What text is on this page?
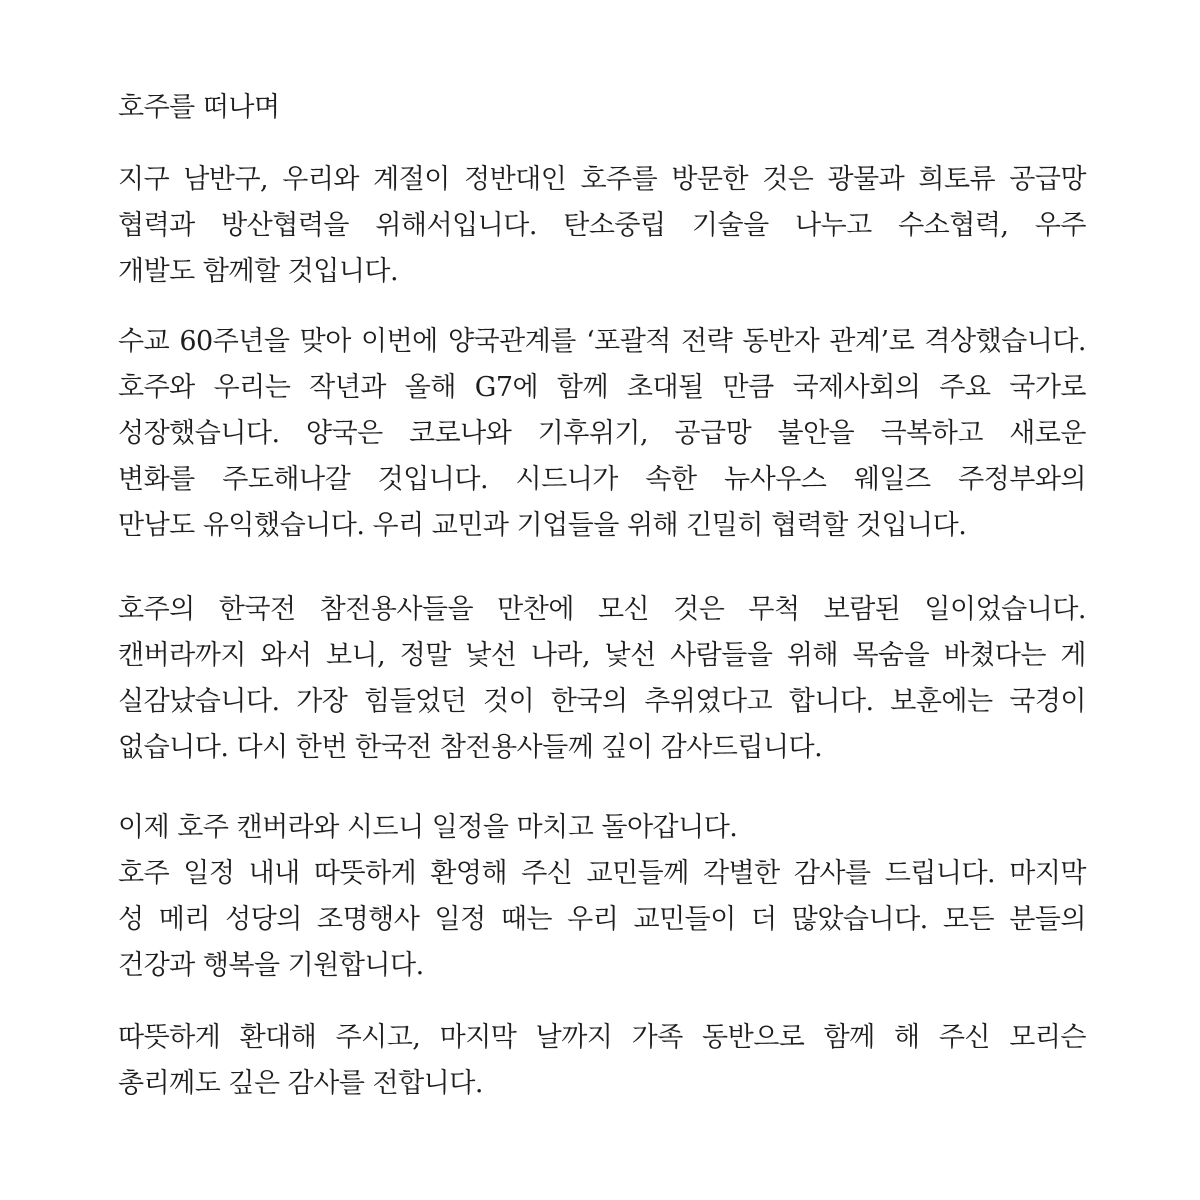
호주를 떠나며

지구 남반구, 우리와 계절이 정반대인 호주를 방문한 것은 광물과 희토류 공급망

협력과 방산협력을 위해서입니다. 탄소중립 기술을 나누고 수소협력, 우주

개발도 함께할 것입니다.

수교 60주년을 맞아 이번에 양국관계를 ‘포괄적 전략 동반자 관계’로 격상했습니다.

호주와 우리는 작년과 올해 G7에 함께 초대될 만큼 국제사회의 주요 국가로

성장했습니다. 양국은 코로나와 기후위기, 공급망 불안을 극복하고 새로운

변화를 주도해나갈 것입니다. 시드니가 속한 뉴사우스 웨일즈 주정부와의

만남도 유익했습니다. 우리 교민과 기업들을 위해 긴밀히 협력할 것입니다.

호주의 한국전 참전용사들을 만찬에 모신 것은 무척 보람된 일이었습니다.

캔버라까지 와서 보니, 정말 낯선 나라, 낯선 사람들을 위해 목숨을 바쳤다는 게

실감났습니다. 가장 힘들었던 것이 한국의 추위였다고 합니다. 보훈에는 국경이

없습니다. 다시 한번 한국전 참전용사들께 깊이 감사드립니다.

이제 호주 캔버라와 시드니 일정을 마치고 돌아갑니다.

호주 일정 내내 따뜻하게 환영해 주신 교민들께 각별한 감사를 드립니다. 마지막

성 메리 성당의 조명행사 일정 때는 우리 교민들이 더 많았습니다. 모든 분들의

건강과 행복을 기원합니다.

따뜻하게 환대해 주시고, 마지막 날까지 가족 동반으로 함께 해 주신 모리슨

총리께도 깊은 감사를 전합니다.
